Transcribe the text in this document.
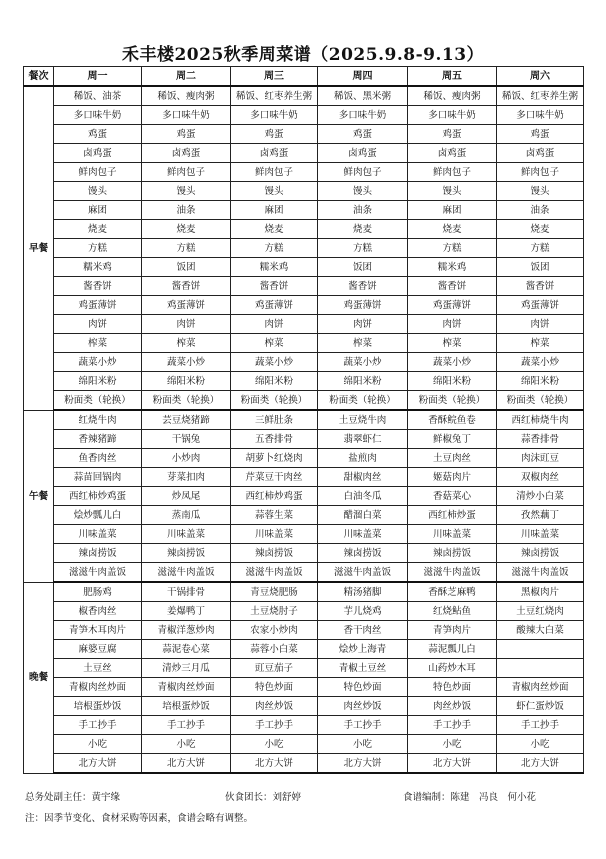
禾丰楼2025秋季周菜谱（2025.9.8-9.13）
餐次	周一	周二	周三	周四	周五	周六
早餐	稀饭、油茶	稀饭、瘦肉粥	稀饭、红枣养生粥	稀饭、黑米粥	稀饭、瘦肉粥	稀饭、红枣养生粥
	多口味牛奶	多口味牛奶	多口味牛奶	多口味牛奶	多口味牛奶	多口味牛奶
	鸡蛋	鸡蛋	鸡蛋	鸡蛋	鸡蛋	鸡蛋
	卤鸡蛋	卤鸡蛋	卤鸡蛋	卤鸡蛋	卤鸡蛋	卤鸡蛋
	鲜肉包子	鲜肉包子	鲜肉包子	鲜肉包子	鲜肉包子	鲜肉包子
	馒头	馒头	馒头	馒头	馒头	馒头
	麻团	油条	麻团	油条	麻团	油条
	烧麦	烧麦	烧麦	烧麦	烧麦	烧麦
	方糕	方糕	方糕	方糕	方糕	方糕
	糯米鸡	饭团	糯米鸡	饭团	糯米鸡	饭团
	酱香饼	酱香饼	酱香饼	酱香饼	酱香饼	酱香饼
	鸡蛋薄饼	鸡蛋薄饼	鸡蛋薄饼	鸡蛋薄饼	鸡蛋薄饼	鸡蛋薄饼
	肉饼	肉饼	肉饼	肉饼	肉饼	肉饼
	榨菜	榨菜	榨菜	榨菜	榨菜	榨菜
	蔬菜小炒	蔬菜小炒	蔬菜小炒	蔬菜小炒	蔬菜小炒	蔬菜小炒
	绵阳米粉	绵阳米粉	绵阳米粉	绵阳米粉	绵阳米粉	绵阳米粉
	粉面类（轮换）	粉面类（轮换）	粉面类（轮换）	粉面类（轮换）	粉面类（轮换）	粉面类（轮换）
午餐	红烧牛肉	芸豆烧猪蹄	三鲜肚条	土豆烧牛肉	香酥鲩鱼卷	西红柿烧牛肉
	香辣猪蹄	干锅兔	五香排骨	翡翠虾仁	鲜椒兔丁	蒜香排骨
	鱼香肉丝	小炒肉	胡萝卜红烧肉	盐煎肉	土豆肉丝	肉沫豇豆
	蒜苗回锅肉	芽菜扣肉	芹菜豆干肉丝	甜椒肉丝	姬菇肉片	双椒肉丝
	西红柿炒鸡蛋	炒凤尾	西红柿炒鸡蛋	白油冬瓜	香菇菜心	清炒小白菜
	烩炒瓢儿白	蒸南瓜	蒜蓉生菜	醋溜白菜	西红柿炒蛋	孜然藕丁
	川味盖菜	川味盖菜	川味盖菜	川味盖菜	川味盖菜	川味盖菜
	辣卤捞饭	辣卤捞饭	辣卤捞饭	辣卤捞饭	辣卤捞饭	辣卤捞饭
	滋滋牛肉盖饭	滋滋牛肉盖饭	滋滋牛肉盖饭	滋滋牛肉盖饭	滋滋牛肉盖饭	滋滋牛肉盖饭
晚餐	肥肠鸡	干锅排骨	青豆烧肥肠	精汤猪脚	香酥芝麻鸭	黑椒肉片
	椒香肉丝	姜爆鸭丁	土豆烧肘子	芋儿烧鸡	红烧鲇鱼	土豆红烧肉
	青笋木耳肉片	青椒洋葱炒肉	农家小炒肉	香干肉丝	青笋肉片	酸辣大白菜
	麻婆豆腐	蒜泥卷心菜	蒜蓉小白菜	烩炒上海青	蒜泥瓢儿白	
	土豆丝	清炒三月瓜	豇豆茄子	青椒土豆丝	山药炒木耳	
	青椒肉丝炒面	青椒肉丝炒面	特色炒面	特色炒面	特色炒面	青椒肉丝炒面
	培根蛋炒饭	培根蛋炒饭	肉丝炒饭	肉丝炒饭	肉丝炒饭	虾仁蛋炒饭
	手工抄手	手工抄手	手工抄手	手工抄手	手工抄手	手工抄手
	小吃	小吃	小吃	小吃	小吃	小吃
	北方大饼	北方大饼	北方大饼	北方大饼	北方大饼	北方大饼
总务处副主任：黄宇缘	伙食团长：刘舒婷	食谱编制：陈建　冯良　何小花
注：因季节变化、食材采购等因素，食谱会略有调整。
